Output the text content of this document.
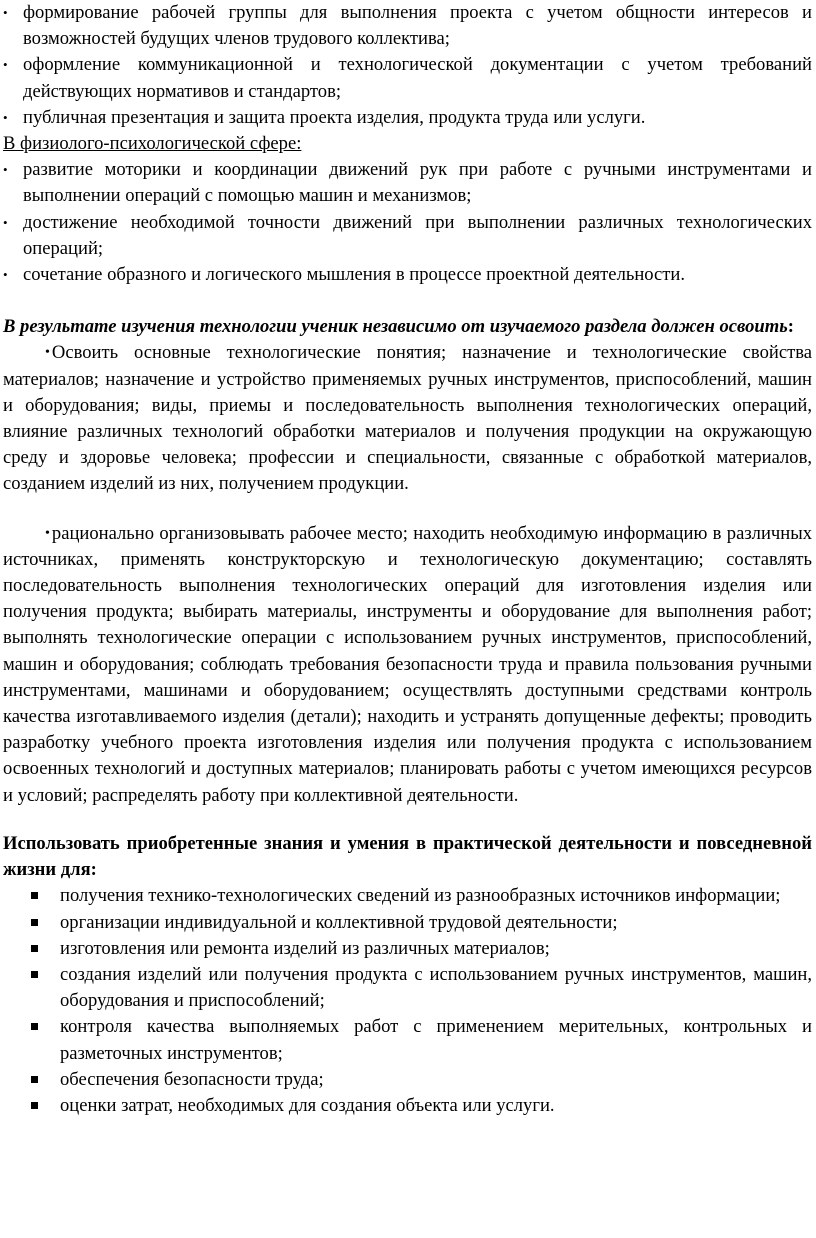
• формирование рабочей группы для выполнения проекта с учетом общности интересов и возможностей будущих членов трудового коллектива;
• оформление коммуникационной и технологической документации с учетом требований действующих нормативов и стандартов;
• публичная презентация и защита проекта изделия, продукта труда или услуги.

В физиолого-психологической сфере:

• развитие моторики и координации движений рук при работе с ручными инструментами и выполнении операций с помощью машин и механизмов;
• достижение необходимой точности движений при выполнении различных технологических операций;
• сочетание образного и логического мышления в процессе проектной деятельности.

В результате изучения технологии ученик независимо от изучаемого раздела должен освоить:

• Освоить основные технологические понятия; назначение и технологические свойства материалов; назначение и устройство применяемых ручных инструментов, приспособлений, машин и оборудования; виды, приемы и последовательность выполнения технологических операций, влияние различных технологий обработки материалов и получения продукции на окружающую среду и здоровье человека; профессии и специальности, связанные с обработкой материалов, созданием изделий из них, получением продукции.

• рационально организовывать рабочее место; находить необходимую информацию в различных источниках, применять конструкторскую и технологическую документацию; составлять последовательность выполнения технологических операций для изготовления изделия или получения продукта; выбирать материалы, инструменты и оборудование для выполнения работ; выполнять технологические операции с использованием ручных инструментов, приспособлений, машин и оборудования; соблюдать требования безопасности труда и правила пользования ручными инструментами, машинами и оборудованием; осуществлять доступными средствами контроль качества изготавливаемого изделия (детали); находить и устранять допущенные дефекты; проводить разработку учебного проекта изготовления изделия или получения продукта с использованием освоенных технологий и доступных материалов; планировать работы с учетом имеющихся ресурсов и условий; распределять работу при коллективной деятельности.

Использовать приобретенные знания и умения в практической деятельности и повседневной жизни для:

получения технико-технологических сведений из разнообразных источников информации;
организации индивидуальной и коллективной трудовой деятельности;
изготовления или ремонта изделий из различных материалов;
создания изделий или получения продукта с использованием ручных инструментов, машин, оборудования и приспособлений;
контроля качества выполняемых работ с применением мерительных, контрольных и разметочных инструментов;
обеспечения безопасности труда;
оценки затрат, необходимых для создания объекта или услуги.
